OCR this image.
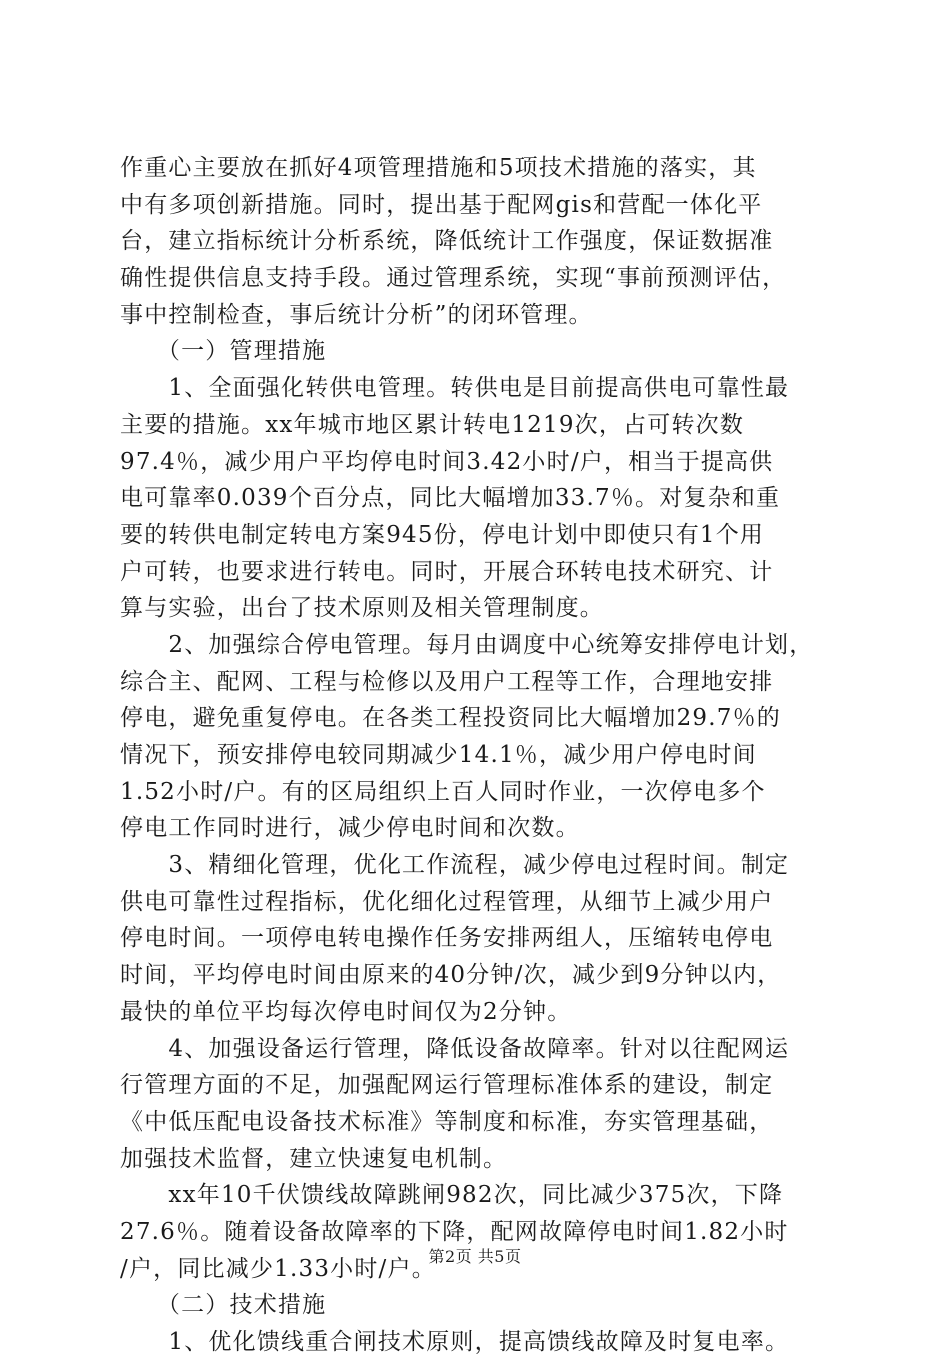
作重心主要放在抓好4项管理措施和5项技术措施的落实，其
中有多项创新措施。同时，提出基于配网gis和营配一体化平
台，建立指标统计分析系统，降低统计工作强度，保证数据准
确性提供信息支持手段。通过管理系统，实现“事前预测评估，
事中控制检查，事后统计分析”的闭环管理。
　　（一）管理措施
　　1、全面强化转供电管理。转供电是目前提高供电可靠性最
主要的措施。xx年城市地区累计转电1219次，占可转次数
97.4％，减少用户平均停电时间3.42小时/户，相当于提高供
电可靠率0.039个百分点，同比大幅增加33.7％。对复杂和重
要的转供电制定转电方案945份，停电计划中即使只有1个用
户可转，也要求进行转电。同时，开展合环转电技术研究、计
算与实验，出台了技术原则及相关管理制度。
　　2、加强综合停电管理。每月由调度中心统筹安排停电计划，
综合主、配网、工程与检修以及用户工程等工作，合理地安排
停电，避免重复停电。在各类工程投资同比大幅增加29.7％的
情况下，预安排停电较同期减少14.1％，减少用户停电时间
1.52小时/户。有的区局组织上百人同时作业，一次停电多个
停电工作同时进行，减少停电时间和次数。
　　3、精细化管理，优化工作流程，减少停电过程时间。制定
供电可靠性过程指标，优化细化过程管理，从细节上减少用户
停电时间。一项停电转电操作任务安排两组人，压缩转电停电
时间，平均停电时间由原来的40分钟/次，减少到9分钟以内，
最快的单位平均每次停电时间仅为2分钟。
　　4、加强设备运行管理，降低设备故障率。针对以往配网运
行管理方面的不足，加强配网运行管理标准体系的建设，制定
《中低压配电设备技术标准》等制度和标准，夯实管理基础，
加强技术监督，建立快速复电机制。
　　xx年10千伏馈线故障跳闸982次，同比减少375次，下降
27.6％。随着设备故障率的下降，配网故障停电时间1.82小时
/户，同比减少1.33小时/户。
　　（二）技术措施
　　1、优化馈线重合闸技术原则，提高馈线故障及时复电率。
第2页 共5页
